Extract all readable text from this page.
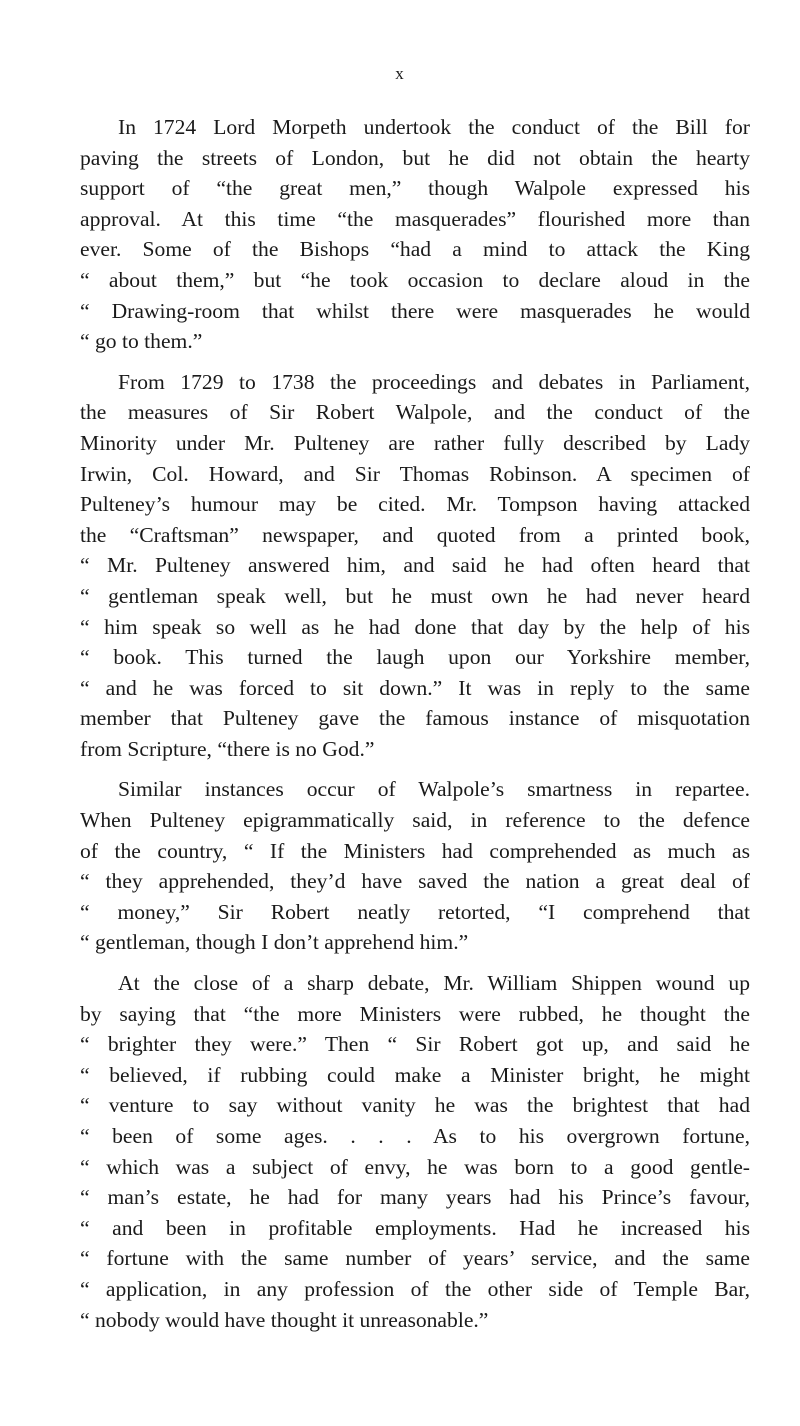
x
In 1724 Lord Morpeth undertook the conduct of the Bill for
paving the streets of London, but he did not obtain the hearty
support of “the great men,” though Walpole expressed his
approval. At this time “the masquerades” flourished more than
ever. Some of the Bishops “had a mind to attack the King
“ about them,” but “he took occasion to declare aloud in the
“ Drawing-room that whilst there were masquerades he would
“ go to them.”
From 1729 to 1738 the proceedings and debates in Parliament,
the measures of Sir Robert Walpole, and the conduct of the
Minority under Mr. Pulteney are rather fully described by Lady
Irwin, Col. Howard, and Sir Thomas Robinson. A specimen of
Pulteney’s humour may be cited. Mr. Tompson having attacked
the “Craftsman” newspaper, and quoted from a printed book,
“ Mr. Pulteney answered him, and said he had often heard that
“ gentleman speak well, but he must own he had never heard
“ him speak so well as he had done that day by the help of his
“ book. This turned the laugh upon our Yorkshire member,
“ and he was forced to sit down.” It was in reply to the same
member that Pulteney gave the famous instance of misquotation
from Scripture, “there is no God.”
Similar instances occur of Walpole’s smartness in repartee.
When Pulteney epigrammatically said, in reference to the defence
of the country, “ If the Ministers had comprehended as much as
“ they apprehended, they’d have saved the nation a great deal of
“ money,” Sir Robert neatly retorted, “I comprehend that
“ gentleman, though I don’t apprehend him.”
At the close of a sharp debate, Mr. William Shippen wound up
by saying that “the more Ministers were rubbed, he thought the
“ brighter they were.” Then “ Sir Robert got up, and said he
“ believed, if rubbing could make a Minister bright, he might
“ venture to say without vanity he was the brightest that had
“ been of some ages. . . . As to his overgrown fortune,
“ which was a subject of envy, he was born to a good gentle-
“ man’s estate, he had for many years had his Prince’s favour,
“ and been in profitable employments. Had he increased his
“ fortune with the same number of years’ service, and the same
“ application, in any profession of the other side of Temple Bar,
“ nobody would have thought it unreasonable.”
